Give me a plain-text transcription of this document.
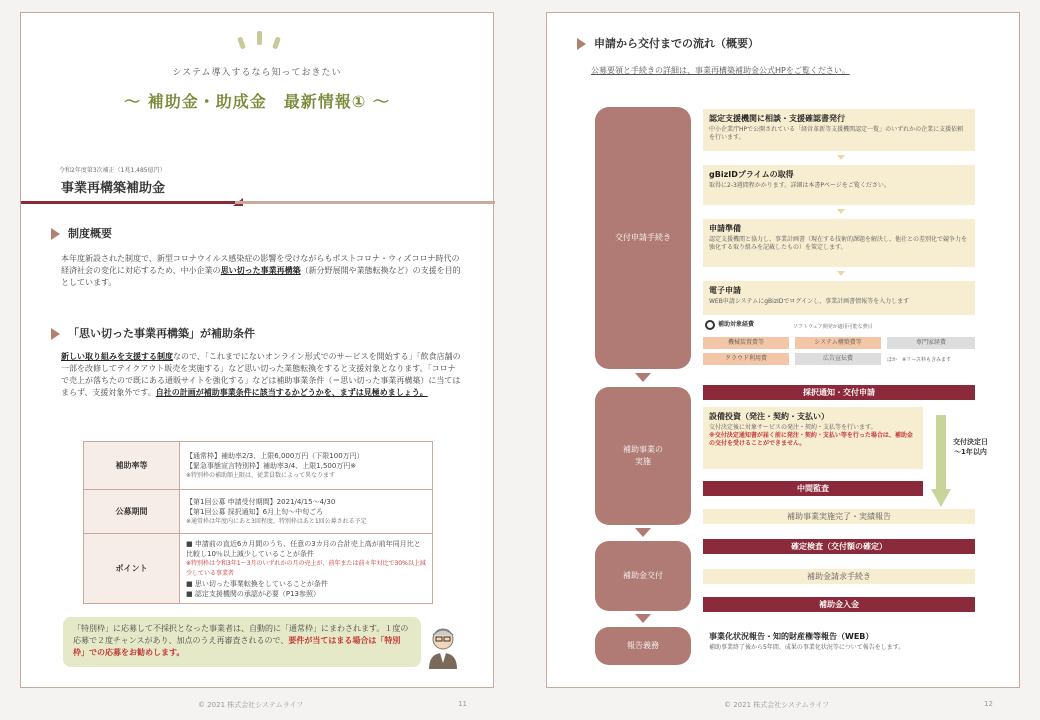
システム導入するなら知っておきたい
～ 補助金・助成金　最新情報① ～
令和2年度第3次補正（1兆1,485億円）
事業再構築補助金
制度概要
本年度新設された制度で、新型コロナウイルス感染症の影響を受けながらもポストコロナ・ウィズコロナ時代の経済社会の変化に対応するため、中小企業の思い切った事業再構築（新分野展開や業態転換など）の支援を目的としています。
「思い切った事業再構築」が補助条件
新しい取り組みを支援する制度なので、「これまでにないオンライン形式でのサービスを開始する」「飲食店舗の一部を改修してテイクアウト販売を実施する」など思い切った業態転換をすると支援対象となります。「コロナで売上が落ちたので既にある通販サイトを強化する」などは補助事業条件（＝思い切った事業再構築）に当てはまらず、支援対象外です。自社の計画が補助事業条件に該当するかどうかを、まずは見極めましょう。
補助率等	【通常枠】補助率2/3、上限6,000万円（下限100万円）
【緊急事態宣言特別枠】補助率3/4、上限1,500万円※
※特別枠の補助額上限は、従業員数によって異なります

公募期間	【第1回公募 申請受付期間】2021/4/15～4/30
【第1回公募 採択通知】6月上旬～中旬ごろ
※通常枠は年度内にあと3回程度、特別枠はあと1回公募される予定

ポイント	■ 申請前の直近6カ月間のうち、任意の3カ月の合計売上高が前年同月比と比較し10％以上減少していることが条件
※特別枠は令和3年1～3月のいずれかの月の売上が、前年または前々年対比で30%以上減少している事業者
■ 思い切った事業転換をしていることが条件
■ 認定支援機関の承認が必要（P13参照）
「特別枠」に応募して不採択となった事業者は、自動的に「通常枠」にまわされます。１度の応募で２度チャンスがあり、加点のうえ再審査されるので、要件が当てはまる場合は「特別枠」での応募をお勧めします。
© 2021 株式会社システムライフ	11
申請から交付までの流れ（概要）
公募要領と手続きの詳細は、事業再構築補助金公式HPをご覧ください。
交付申請手続き
補助事業の
実施
補助金交付
報告義務
認定支援機関に相談・支援確認書発行
中小企業庁HPで公開されている「経営革新等支援機関認定一覧」のいずれかの企業に支援依頼を行います。
gBizIDプライムの取得
取得に2-3週間程かかります。詳細は本書Pページをご覧ください。
申請準備
認定支援機関と協力し、事業計画書（現在する技術的課題を解決し、他社との差別化で競争力を強化する取り組みを記載したもの）を策定します。
電子申請
WEB申請システムにgBizIDでログインし、事業計画書情報等を入力します
補助対象経費	ソフトウェア開発が適用可能な費目
機械装置費等	システム構築費等	専門家経費
クラウド利用費	広告宣伝費	ほか　※リース料も含みます
採択通知・交付申請
設備投資（発注・契約・支払い）
交付決定後に対象サービスの発注・契約・支払等を行います。
※交付決定通知書が届く前に発注・契約・支払い等を行った場合は、補助金の交付を受けることができません。	交付決定日
～1年以内
中間監査
補助事業実施完了・実績報告
確定検査（交付額の確定）
補助金請求手続き
補助金入金
事業化状況報告・知的財産権等報告（WEB）
補助事業終了後から5年間、成果の事業化状況等について報告をします。
© 2021 株式会社システムライフ	12
